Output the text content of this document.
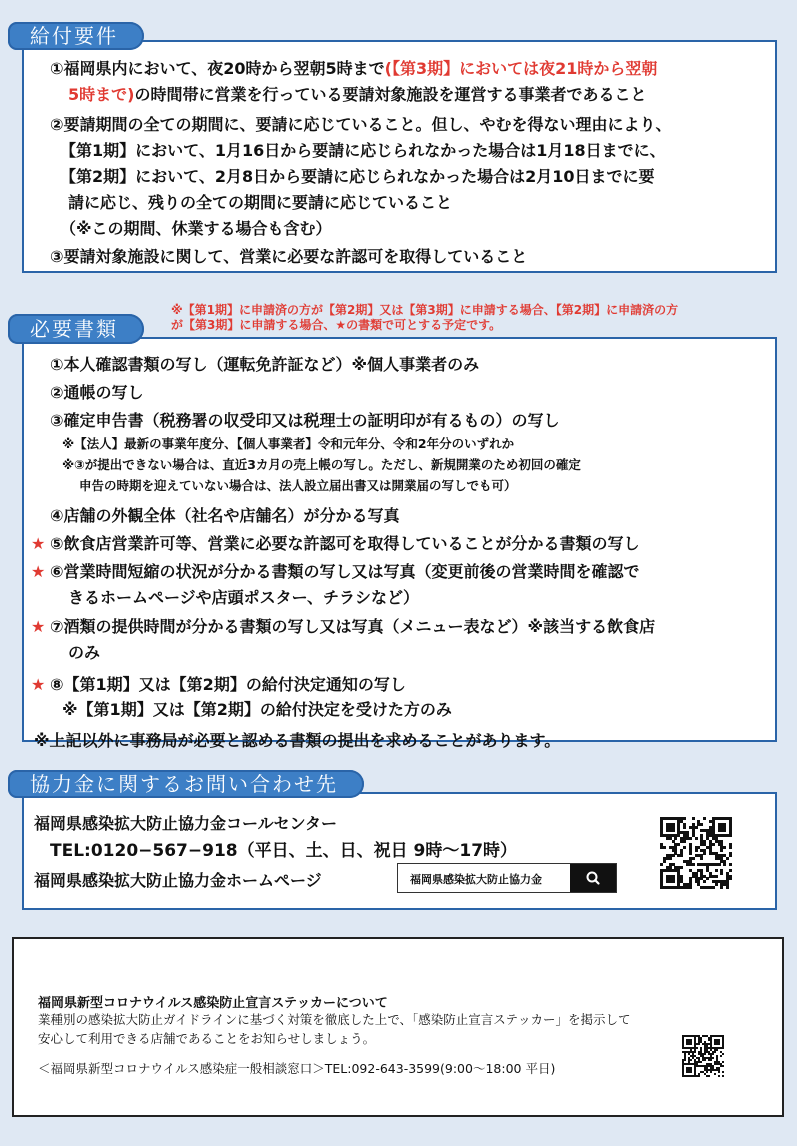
給付要件
①福岡県内において、夜20時から翌朝5時まで(【第3期】においては夜21時から翌朝
5時まで)の時間帯に営業を行っている要請対象施設を運営する事業者であること
②要請期間の全ての期間に、要請に応じていること。但し、やむを得ない理由により、
【第1期】において、1月16日から要請に応じられなかった場合は1月18日までに、
【第2期】において、2月8日から要請に応じられなかった場合は2月10日までに要
請に応じ、残りの全ての期間に要請に応じていること
（※この期間、休業する場合も含む）
③要請対象施設に関して、営業に必要な許認可を取得していること
必要書類
※【第1期】に申請済の方が【第2期】又は【第3期】に申請する場合、【第2期】に申請済の方
が【第3期】に申請する場合、★の書類で可とする予定です。
①本人確認書類の写し（運転免許証など）※個人事業者のみ
②通帳の写し
③確定申告書（税務署の収受印又は税理士の証明印が有るもの）の写し
※【法人】最新の事業年度分、【個人事業者】令和元年分、令和2年分のいずれか
※③が提出できない場合は、直近3カ月の売上帳の写し。ただし、新規開業のため初回の確定
申告の時期を迎えていない場合は、法人設立届出書又は開業届の写しでも可）
④店舗の外観全体（社名や店舗名）が分かる写真
★ ⑤飲食店営業許可等、営業に必要な許認可を取得していることが分かる書類の写し
★ ⑥営業時間短縮の状況が分かる書類の写し又は写真（変更前後の営業時間を確認で
きるホームページや店頭ポスター、チラシなど）
★ ⑦酒類の提供時間が分かる書類の写し又は写真（メニュー表など）※該当する飲食店
のみ
★ ⑧【第1期】又は【第2期】の給付決定通知の写し
※【第1期】又は【第2期】の給付決定を受けた方のみ
※上記以外に事務局が必要と認める書類の提出を求めることがあります。
協力金に関するお問い合わせ先
福岡県感染拡大防止協力金コールセンター
TEL:0120−567−918（平日、土、日、祝日 9時〜17時）
福岡県感染拡大防止協力金ホームページ	福岡県感染拡大防止協力金
福岡県新型コロナウイルス感染防止宣言ステッカーについて
業種別の感染拡大防止ガイドラインに基づく対策を徹底した上で、「感染防止宣言ステッカー」を掲示して
安心して利用できる店舗であることをお知らせしましょう。
＜福岡県新型コロナウイルス感染症一般相談窓口＞TEL:092-643-3599(9:00〜18:00 平日)
